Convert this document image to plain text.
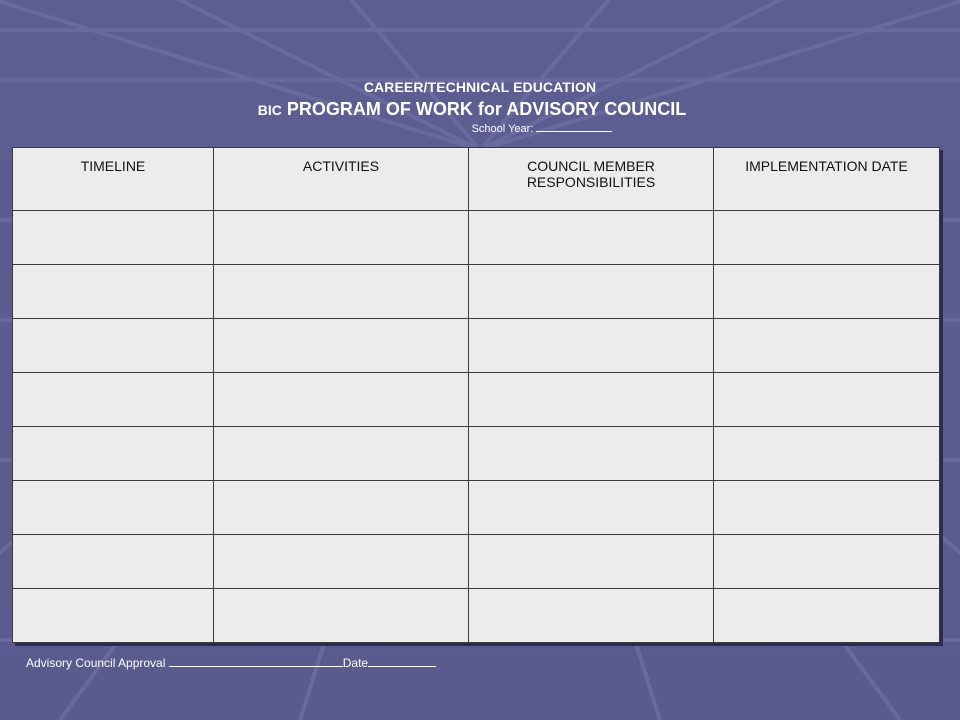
CAREER/TECHNICAL EDUCATION
BIC PROGRAM OF WORK for ADVISORY COUNCIL
School Year:
TIMELINE	ACTIVITIES	COUNCIL MEMBER RESPONSIBILITIES	IMPLEMENTATION DATE

Advisory Council Approval	Date
